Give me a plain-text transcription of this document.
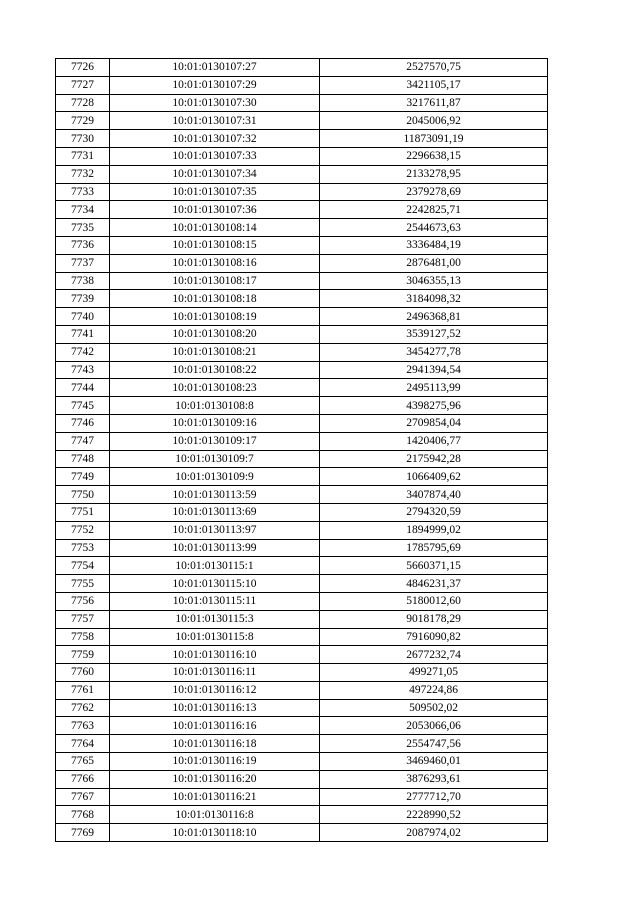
7726	10:01:0130107:27	2527570,75
7727	10:01:0130107:29	3421105,17
7728	10:01:0130107:30	3217611,87
7729	10:01:0130107:31	2045006,92
7730	10:01:0130107:32	11873091,19
7731	10:01:0130107:33	2296638,15
7732	10:01:0130107:34	2133278,95
7733	10:01:0130107:35	2379278,69
7734	10:01:0130107:36	2242825,71
7735	10:01:0130108:14	2544673,63
7736	10:01:0130108:15	3336484,19
7737	10:01:0130108:16	2876481,00
7738	10:01:0130108:17	3046355,13
7739	10:01:0130108:18	3184098,32
7740	10:01:0130108:19	2496368,81
7741	10:01:0130108:20	3539127,52
7742	10:01:0130108:21	3454277,78
7743	10:01:0130108:22	2941394,54
7744	10:01:0130108:23	2495113,99
7745	10:01:0130108:8	4398275,96
7746	10:01:0130109:16	2709854,04
7747	10:01:0130109:17	1420406,77
7748	10:01:0130109:7	2175942,28
7749	10:01:0130109:9	1066409,62
7750	10:01:0130113:59	3407874,40
7751	10:01:0130113:69	2794320,59
7752	10:01:0130113:97	1894999,02
7753	10:01:0130113:99	1785795,69
7754	10:01:0130115:1	5660371,15
7755	10:01:0130115:10	4846231,37
7756	10:01:0130115:11	5180012,60
7757	10:01:0130115:3	9018178,29
7758	10:01:0130115:8	7916090,82
7759	10:01:0130116:10	2677232,74
7760	10:01:0130116:11	499271,05
7761	10:01:0130116:12	497224,86
7762	10:01:0130116:13	509502,02
7763	10:01:0130116:16	2053066,06
7764	10:01:0130116:18	2554747,56
7765	10:01:0130116:19	3469460,01
7766	10:01:0130116:20	3876293,61
7767	10:01:0130116:21	2777712,70
7768	10:01:0130116:8	2228990,52
7769	10:01:0130118:10	2087974,02
